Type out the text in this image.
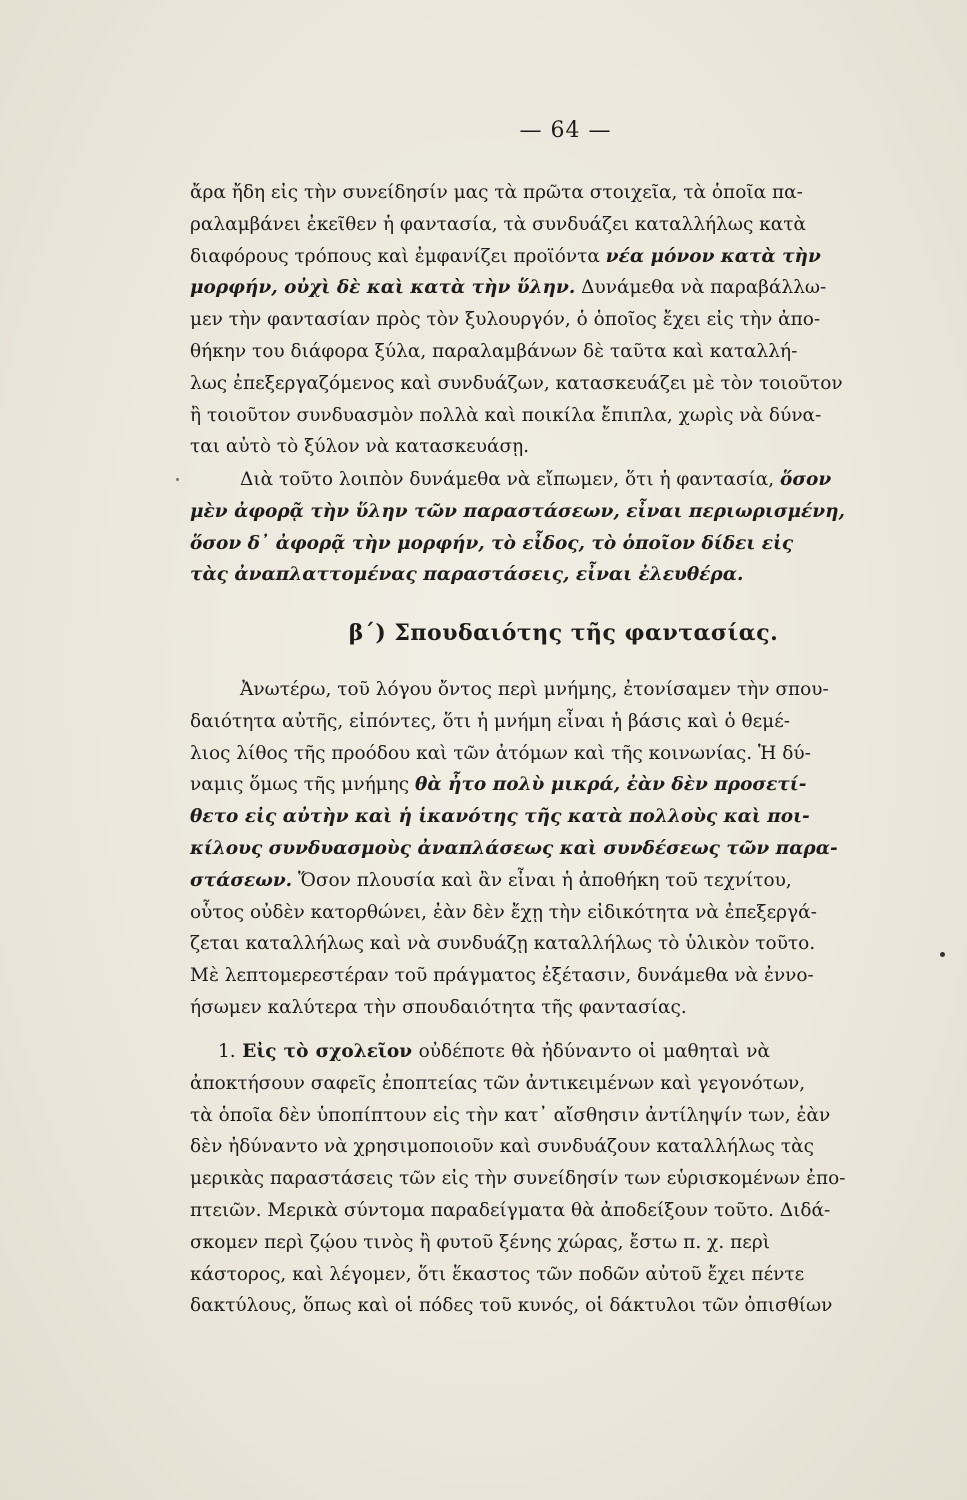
— 64 —
ἄρα ἤδη εἰς τὴν συνείδησίν μας τὰ πρῶτα στοιχεῖα, τὰ ὁποῖα πα-
ραλαμβάνει ἐκεῖθεν ἡ φαντασία, τὰ συνδυάζει καταλλήλως κατὰ
διαφόρους τρόπους καὶ ἐμφανίζει προϊόντα νέα μόνον κατὰ τὴν
μορφήν, οὐχὶ δὲ καὶ κατὰ τὴν ὕλην. Δυνάμεθα νὰ παραβάλλω-
μεν τὴν φαντασίαν πρὸς τὸν ξυλουργόν, ὁ ὁποῖος ἔχει εἰς τὴν ἀπο-
θήκην του διάφορα ξύλα, παραλαμβάνων δὲ ταῦτα καὶ καταλλή-
λως ἐπεξεργαζόμενος καὶ συνδυάζων, κατασκευάζει μὲ τὸν τοιοῦτον
ἢ τοιοῦτον συνδυασμὸν πολλὰ καὶ ποικίλα ἔπιπλα, χωρὶς νὰ δύνα-
ται αὐτὸ τὸ ξύλον νὰ κατασκευάσῃ.
Διὰ τοῦτο λοιπὸν δυνάμεθα νὰ εἴπωμεν, ὅτι ἡ φαντασία, ὅσον
μὲν ἀφορᾷ τὴν ὕλην τῶν παραστάσεων, εἶναι περιωρισμένη,
ὅσον δ᾽ ἀφορᾷ τὴν μορφήν, τὸ εἶδος, τὸ ὁποῖον δίδει εἰς
τὰς ἀναπλαττομένας παραστάσεις, εἶναι ἐλευθέρα.
β΄) Σπουδαιότης τῆς φαντασίας.
Ἀνωτέρω, τοῦ λόγου ὄντος περὶ μνήμης, ἐτονίσαμεν τὴν σπου-
δαιότητα αὐτῆς, εἰπόντες, ὅτι ἡ μνήμη εἶναι ἡ βάσις καὶ ὁ θεμέ-
λιος λίθος τῆς προόδου καὶ τῶν ἀτόμων καὶ τῆς κοινωνίας. Ἡ δύ-
ναμις ὅμως τῆς μνήμης θὰ ἦτο πολὺ μικρά, ἐὰν δὲν προσετί-
θετο εἰς αὐτὴν καὶ ἡ ἱκανότης τῆς κατὰ πολλοὺς καὶ ποι-
κίλους συνδυασμοὺς ἀναπλάσεως καὶ συνδέσεως τῶν παρα-
στάσεων. Ὅσον πλουσία καὶ ἂν εἶναι ἡ ἀποθήκη τοῦ τεχνίτου,
οὗτος οὐδὲν κατορθώνει, ἐὰν δὲν ἔχῃ τὴν εἰδικότητα νὰ ἐπεξεργά-
ζεται καταλλήλως καὶ νὰ συνδυάζῃ καταλλήλως τὸ ὑλικὸν τοῦτο.
Μὲ λεπτομερεστέραν τοῦ πράγματος ἐξέτασιν, δυνάμεθα νὰ ἐννο-
ήσωμεν καλύτερα τὴν σπουδαιότητα τῆς φαντασίας.
1. Εἰς τὸ σχολεῖον οὐδέποτε θὰ ἠδύναντο οἱ μαθηταὶ νὰ
ἀποκτήσουν σαφεῖς ἐποπτείας τῶν ἀντικειμένων καὶ γεγονότων,
τὰ ὁποῖα δὲν ὑποπίπτουν εἰς τὴν κατ᾽ αἴσθησιν ἀντίληψίν των, ἐὰν
δὲν ἠδύναντο νὰ χρησιμοποιοῦν καὶ συνδυάζουν καταλλήλως τὰς
μερικὰς παραστάσεις τῶν εἰς τὴν συνείδησίν των εὑρισκομένων ἐπο-
πτειῶν. Μερικὰ σύντομα παραδείγματα θὰ ἀποδείξουν τοῦτο. Διδά-
σκομεν περὶ ζῴου τινὸς ἢ φυτοῦ ξένης χώρας, ἔστω π. χ. περὶ
κάστορος, καὶ λέγομεν, ὅτι ἕκαστος τῶν ποδῶν αὐτοῦ ἔχει πέντε
δακτύλους, ὅπως καὶ οἱ πόδες τοῦ κυνός, οἱ δάκτυλοι τῶν ὀπισθίων
